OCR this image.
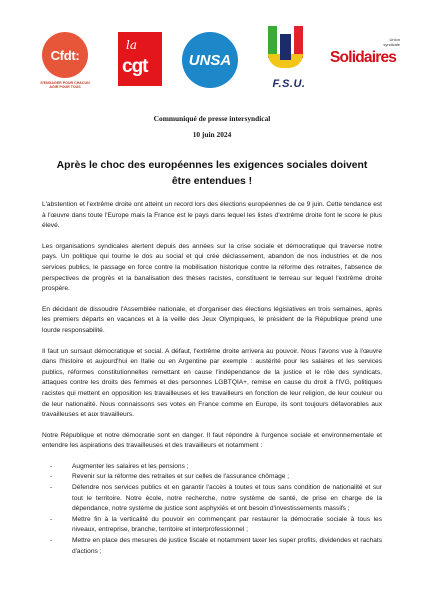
Cfdt:
S'ENGAGER POUR CHACUN
AGIR POUR TOUS
la
cgt	UNSA
F.S.U.
Union
syndicale
Solidaires
Communiqué de presse intersyndical
10 juin 2024
Après le choc des européennes les exigences sociales doivent être entendues !

L'abstention et l'extrême droite ont atteint un record lors des élections européennes de ce 9 juin. Cette tendance est à l'œuvre dans toute l'Europe mais la France est le pays dans lequel les listes d'extrême droite font le score le plus élevé.

Les organisations syndicales alertent depuis des années sur la crise sociale et démocratique qui traverse notre pays. Un politique qui tourne le dos au social et qui crée déclassement, abandon de nos industries et de nos services publics, le passage en force contre la mobilisation historique contre la réforme des retraites, l'absence de perspectives de progrès et la banalisation des thèses racistes, constituent le terreau sur lequel l'extrême droite prospère.

En décidant de dissoudre l'Assemblée nationale, et d'organiser des élections législatives en trois semaines, après les premiers départs en vacances et à la veille des Jeux Olympiques, le président de la République prend une lourde responsabilité.

Il faut un sursaut démocratique et social. A défaut, l'extrême droite arrivera au pouvoir. Nous l'avons vue à l'œuvre dans l'histoire et aujourd'hui en Italie ou en Argentine par exemple : austérité pour les salaires et les services publics, réformes constitutionnelles remettant en cause l'indépendance de la justice et le rôle des syndicats, attaques contre les droits des femmes et des personnes LGBTQIA+, remise en cause du droit à l'IVG, politiques racistes qui mettent en opposition les travailleuses et les travailleurs en fonction de leur religion, de leur couleur ou de leur nationalité. Nous connaissons ses votes en France comme en Europe, ils sont toujours défavorables aux travailleuses et aux travailleurs.

Notre République et notre démocratie sont en danger. Il faut répondre à l'urgence sociale et environnementale et entendre les aspirations des travailleuses et des travailleurs et notamment :

-	Augmenter les salaires et les pensions ;
-	Revenir sur la réforme des retraites et sur celles de l'assurance chômage ;
-	Défendre nos services publics et en garantir l'accès à toutes et tous sans condition de nationalité et sur tout le territoire. Notre école, notre recherche, notre système de santé, de prise en charge de la dépendance, notre système de justice sont asphyxiés et ont besoin d'investissements massifs ;
-	Mettre fin à la verticalité du pouvoir en commençant par restaurer la démocratie sociale à tous les niveaux, entreprise, branche, territoire et interprofessionnel ;
-	Mettre en place des mesures de justice fiscale et notamment taxer les super profits, dividendes et rachats d'actions ;
